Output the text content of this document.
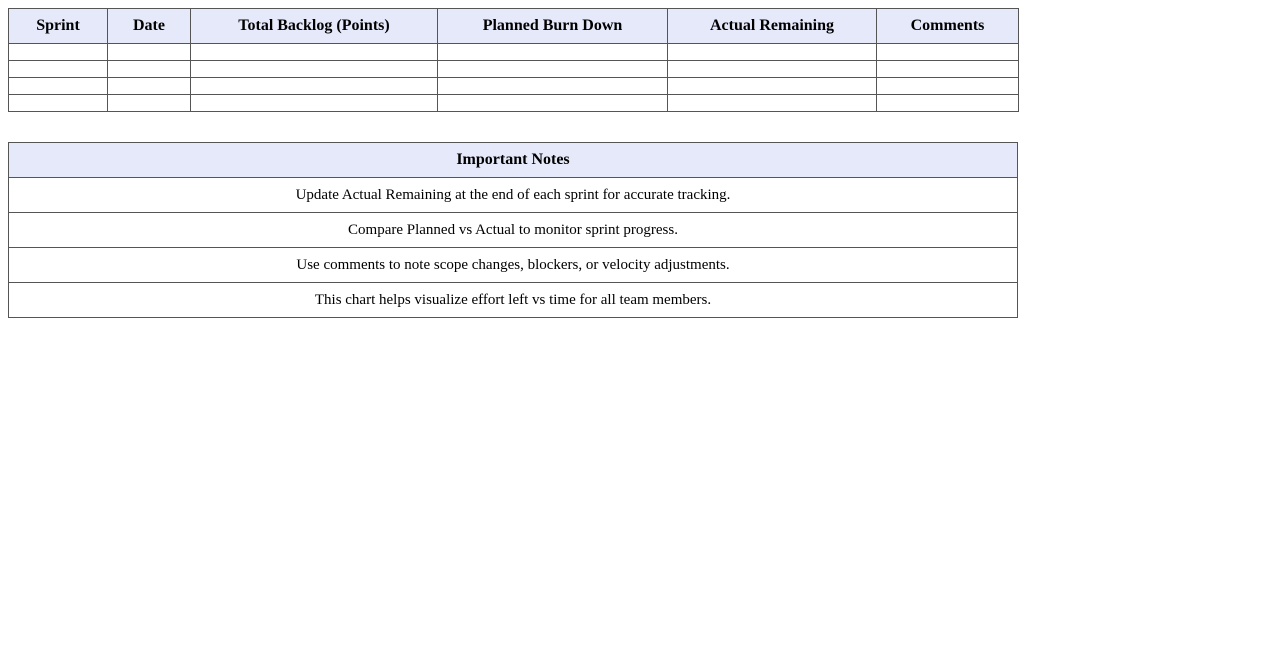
Sprint	Date	Total Backlog (Points)	Planned Burn Down	Actual Remaining	Comments

Important Notes
Update Actual Remaining at the end of each sprint for accurate tracking.
Compare Planned vs Actual to monitor sprint progress.
Use comments to note scope changes, blockers, or velocity adjustments.
This chart helps visualize effort left vs time for all team members.
